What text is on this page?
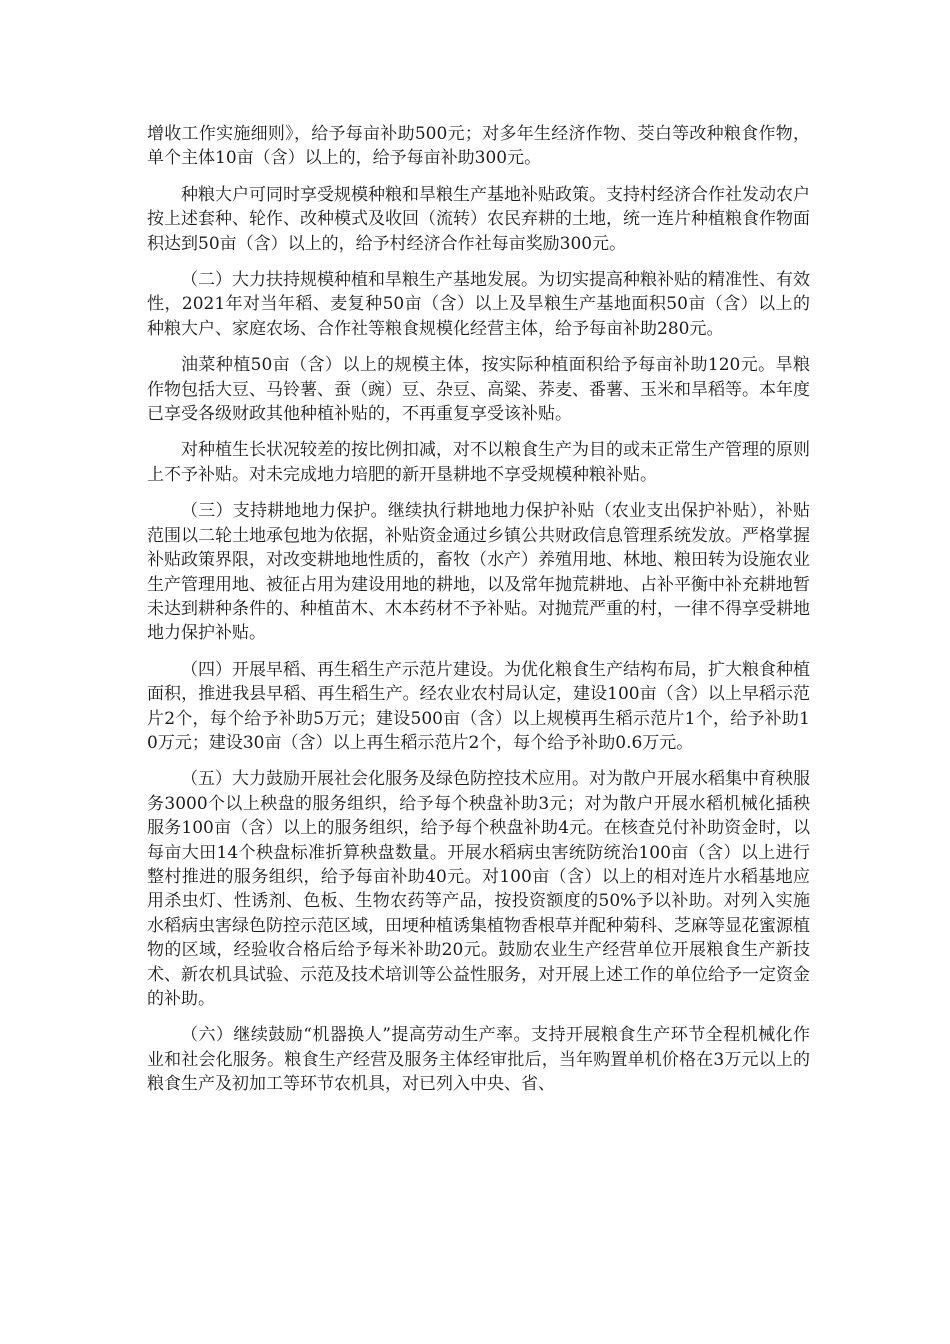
增收工作实施细则》，给予每亩补助500元；对多年生经济作物、茭白等改种粮食作物，单个主体10亩（含）以上的，给予每亩补助300元。

种粮大户可同时享受规模种粮和旱粮生产基地补贴政策。支持村经济合作社发动农户按上述套种、轮作、改种模式及收回（流转）农民弃耕的土地，统一连片种植粮食作物面积达到50亩（含）以上的，给予村经济合作社每亩奖励300元。

（二）大力扶持规模种植和旱粮生产基地发展。为切实提高种粮补贴的精准性、有效性，2021年对当年稻、麦复种50亩（含）以上及旱粮生产基地面积50亩（含）以上的种粮大户、家庭农场、合作社等粮食规模化经营主体，给予每亩补助280元。

油菜种植50亩（含）以上的规模主体，按实际种植面积给予每亩补助120元。旱粮作物包括大豆、马铃薯、蚕（豌）豆、杂豆、高粱、荞麦、番薯、玉米和旱稻等。本年度已享受各级财政其他种植补贴的，不再重复享受该补贴。

对种植生长状况较差的按比例扣减，对不以粮食生产为目的或未正常生产管理的原则上不予补贴。对未完成地力培肥的新开垦耕地不享受规模种粮补贴。

（三）支持耕地地力保护。继续执行耕地地力保护补贴（农业支出保护补贴），补贴范围以二轮土地承包地为依据，补贴资金通过乡镇公共财政信息管理系统发放。严格掌握补贴政策界限，对改变耕地地性质的，畜牧（水产）养殖用地、林地、粮田转为设施农业生产管理用地、被征占用为建设用地的耕地，以及常年抛荒耕地、占补平衡中补充耕地暂未达到耕种条件的、种植苗木、木本药材不予补贴。对抛荒严重的村，一律不得享受耕地地力保护补贴。

（四）开展早稻、再生稻生产示范片建设。为优化粮食生产结构布局，扩大粮食种植面积，推进我县早稻、再生稻生产。经农业农村局认定，建设100亩（含）以上早稻示范片2个，每个给予补助5万元；建设500亩（含）以上规模再生稻示范片1个，给予补助10万元；建设30亩（含）以上再生稻示范片2个，每个给予补助0.6万元。

（五）大力鼓励开展社会化服务及绿色防控技术应用。对为散户开展水稻集中育秧服务3000个以上秧盘的服务组织，给予每个秧盘补助3元；对为散户开展水稻机械化插秧服务100亩（含）以上的服务组织，给予每个秧盘补助4元。在核查兑付补助资金时，以每亩大田14个秧盘标准折算秧盘数量。开展水稻病虫害统防统治100亩（含）以上进行整村推进的服务组织，给予每亩补助40元。对100亩（含）以上的相对连片水稻基地应用杀虫灯、性诱剂、色板、生物农药等产品，按投资额度的50%予以补助。对列入实施水稻病虫害绿色防控示范区域，田埂种植诱集植物香根草并配种菊科、芝麻等显花蜜源植物的区域，经验收合格后给予每米补助20元。鼓励农业生产经营单位开展粮食生产新技术、新农机具试验、示范及技术培训等公益性服务，对开展上述工作的单位给予一定资金的补助。

（六）继续鼓励“机器换人”提高劳动生产率。支持开展粮食生产环节全程机械化作业和社会化服务。粮食生产经营及服务主体经审批后，当年购置单机价格在3万元以上的粮食生产及初加工等环节农机具，对已列入中央、省、
